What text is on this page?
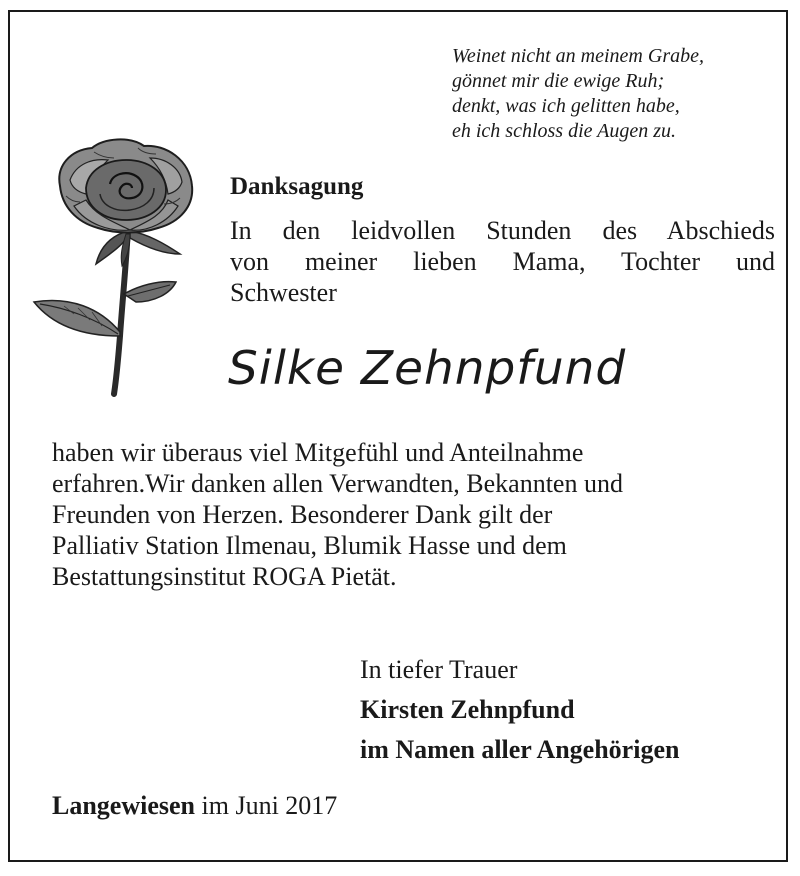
Weinet nicht an meinem Grabe,
gönnet mir die ewige Ruh;
denkt, was ich gelitten habe,
eh ich schloss die Augen zu.
Danksagung
In den leidvollen Stunden des Abschieds
von meiner lieben Mama, Tochter und
Schwester
Silke Zehnpfund
haben wir überaus viel Mitgefühl und Anteilnahme
erfahren.Wir danken allen Verwandten, Bekannten und
Freunden von Herzen. Besonderer Dank gilt der
Palliativ Station Ilmenau, Blumik Hasse und dem
Bestattungsinstitut ROGA Pietät.
In tiefer Trauer
Kirsten Zehnpfund
im Namen aller Angehörigen
Langewiesen im Juni 2017
